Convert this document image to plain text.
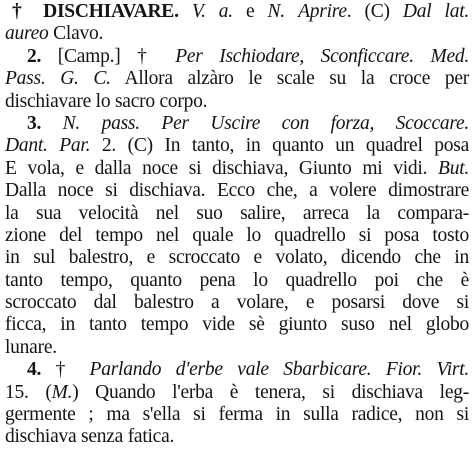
† DISCHIAVARE. V. a. e N. Aprire. (C) Dal lat.
aureo Clavo.
2. [Camp.] † Per Ischiodare, Sconficcare. Med.
Pass. G. C. Allora alzàro le scale su la croce per
dischiavare lo sacro corpo.
3. N. pass. Per Uscire con forza, Scoccare.
Dant. Par. 2. (C) In tanto, in quanto un quadrel posa
E vola, e dalla noce si dischiava, Giunto mi vidi. But.
Dalla noce si dischiava. Ecco che, a volere dimostrare
la sua velocità nel suo salire, arreca la compara-
zione del tempo nel quale lo quadrello si posa tosto
in sul balestro, e scroccato e volato, dicendo che in
tanto tempo, quanto pena lo quadrello poi che è
scroccato dal balestro a volare, e posarsi dove si
ficca, in tanto tempo vide sè giunto suso nel globo
lunare.
4. † Parlando d'erbe vale Sbarbicare. Fior. Virt.
15. (M.) Quando l'erba è tenera, si dischiava leg-
germente ; ma s'ella si ferma in sulla radice, non si
dischiava senza fatica.
